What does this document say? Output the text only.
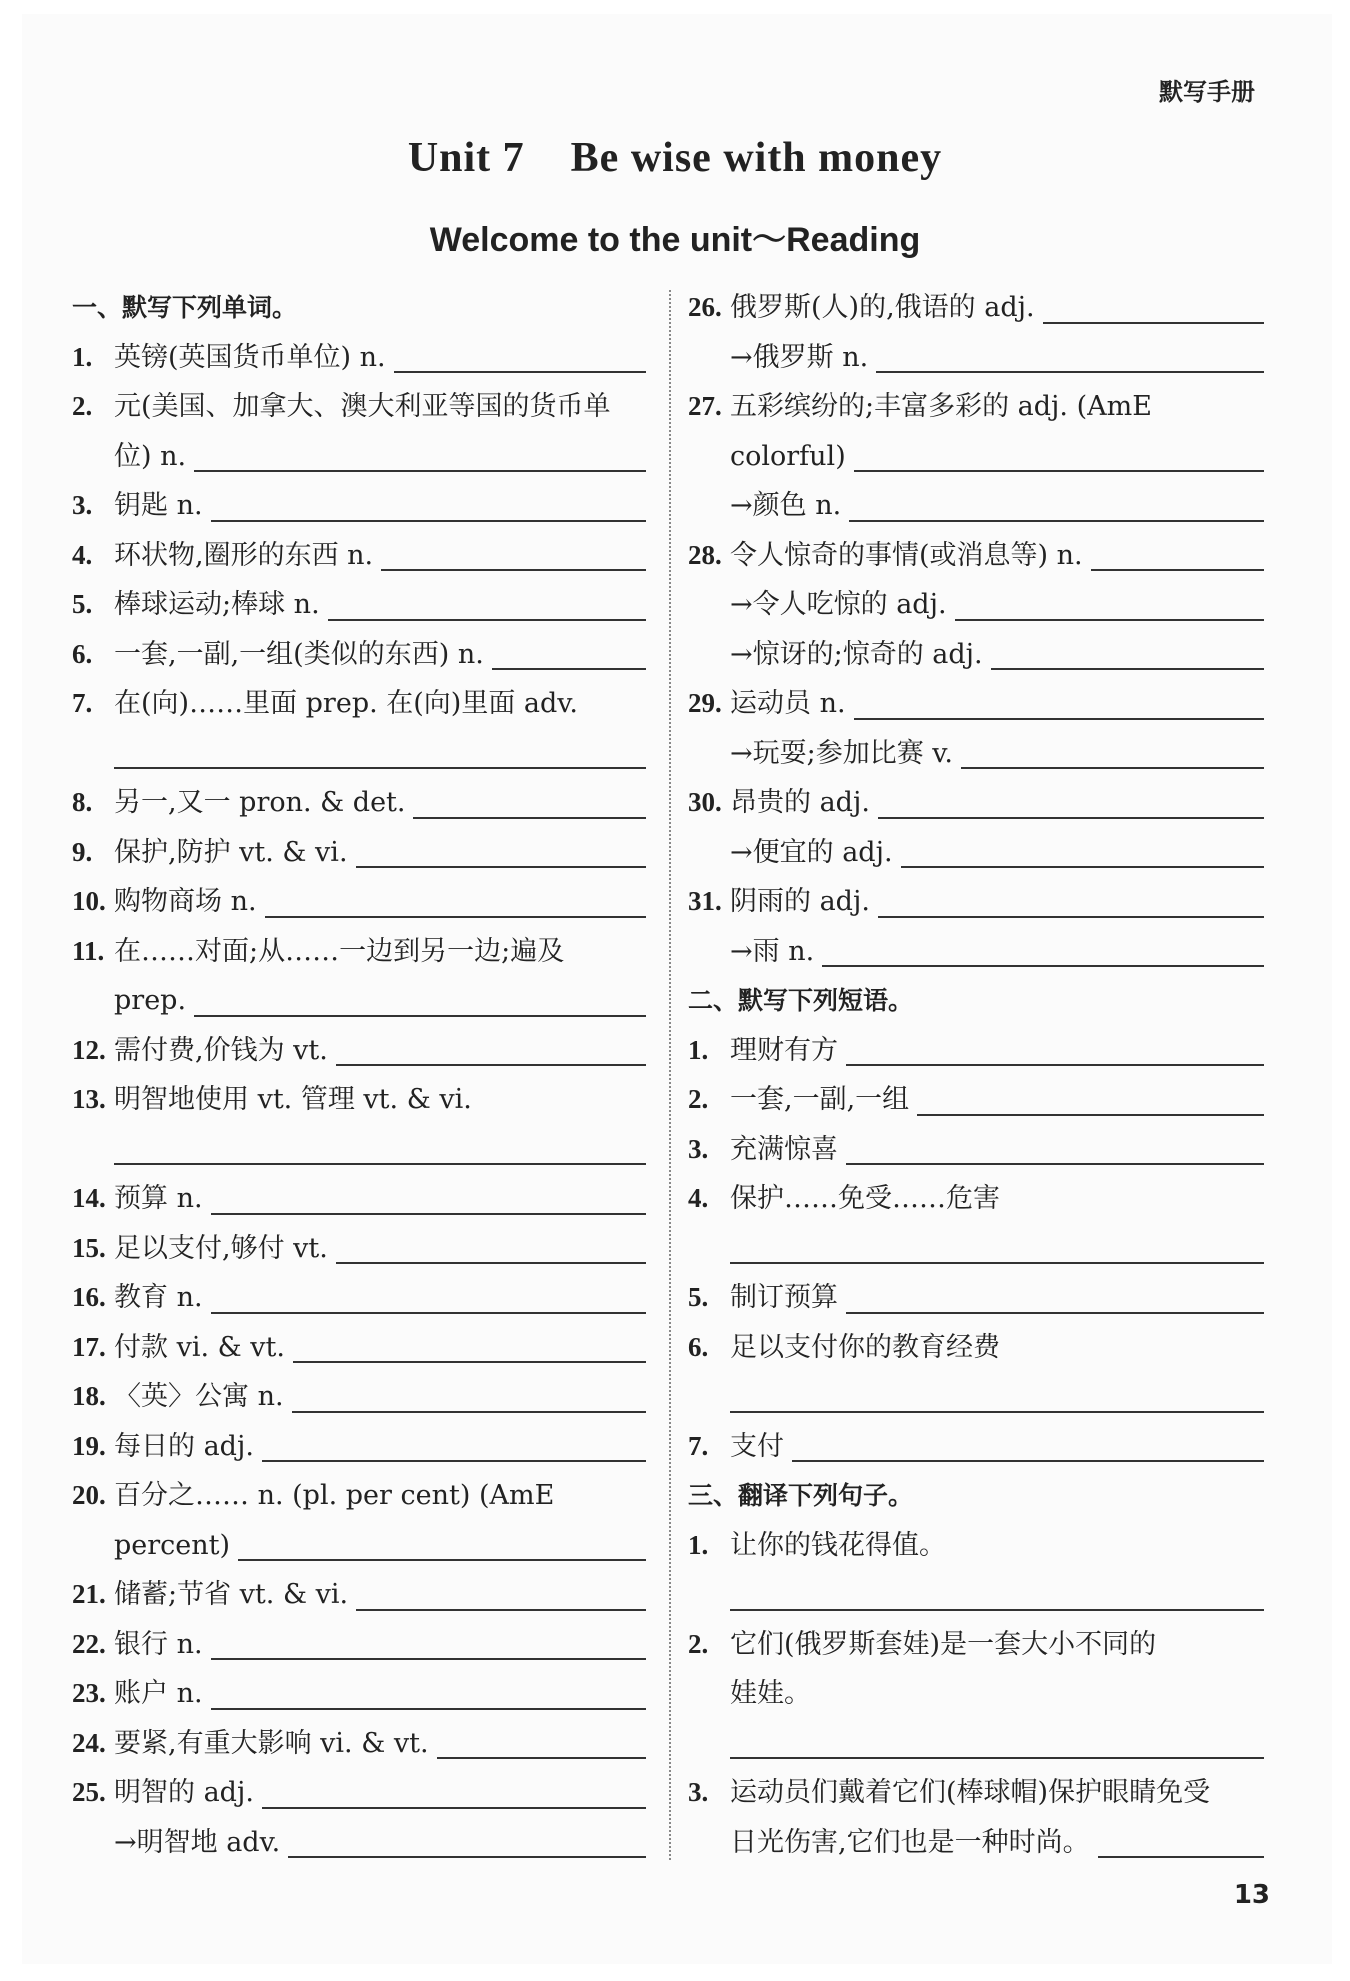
默写手册
Unit 7    Be wise with money
Welcome to the unit～Reading
一、默写下列单词。
1. 英镑(英国货币单位) n.
2. 元(美国、加拿大、澳大利亚等国的货币单
位) n.
3. 钥匙 n.
4. 环状物,圈形的东西 n.
5. 棒球运动;棒球 n.
6. 一套,一副,一组(类似的东西) n.
7. 在(向)……里面 prep. 在(向)里面 adv.
8. 另一,又一 pron. & det.
9. 保护,防护 vt. & vi.
10. 购物商场 n.
11. 在……对面;从……一边到另一边;遍及
prep.
12. 需付费,价钱为 vt.
13. 明智地使用 vt. 管理 vt. & vi.
14. 预算 n.
15. 足以支付,够付 vt.
16. 教育 n.
17. 付款 vi. & vt.
18. 〈英〉公寓 n.
19. 每日的 adj.
20. 百分之…… n. (pl. per cent) (AmE
percent)
21. 储蓄;节省 vt. & vi.
22. 银行 n.
23. 账户 n.
24. 要紧,有重大影响 vi. & vt.
25. 明智的 adj.
→明智地 adv.
26. 俄罗斯(人)的,俄语的 adj.
→俄罗斯 n.
27. 五彩缤纷的;丰富多彩的 adj. (AmE
colorful)
→颜色 n.
28. 令人惊奇的事情(或消息等) n.
→令人吃惊的 adj.
→惊讶的;惊奇的 adj.
29. 运动员 n.
→玩耍;参加比赛 v.
30. 昂贵的 adj.
→便宜的 adj.
31. 阴雨的 adj.
→雨 n.
二、默写下列短语。
1. 理财有方
2. 一套,一副,一组
3. 充满惊喜
4. 保护……免受……危害
5. 制订预算
6. 足以支付你的教育经费
7. 支付
三、翻译下列句子。
1. 让你的钱花得值。
2. 它们(俄罗斯套娃)是一套大小不同的
娃娃。
3. 运动员们戴着它们(棒球帽)保护眼睛免受
日光伤害,它们也是一种时尚。
13
